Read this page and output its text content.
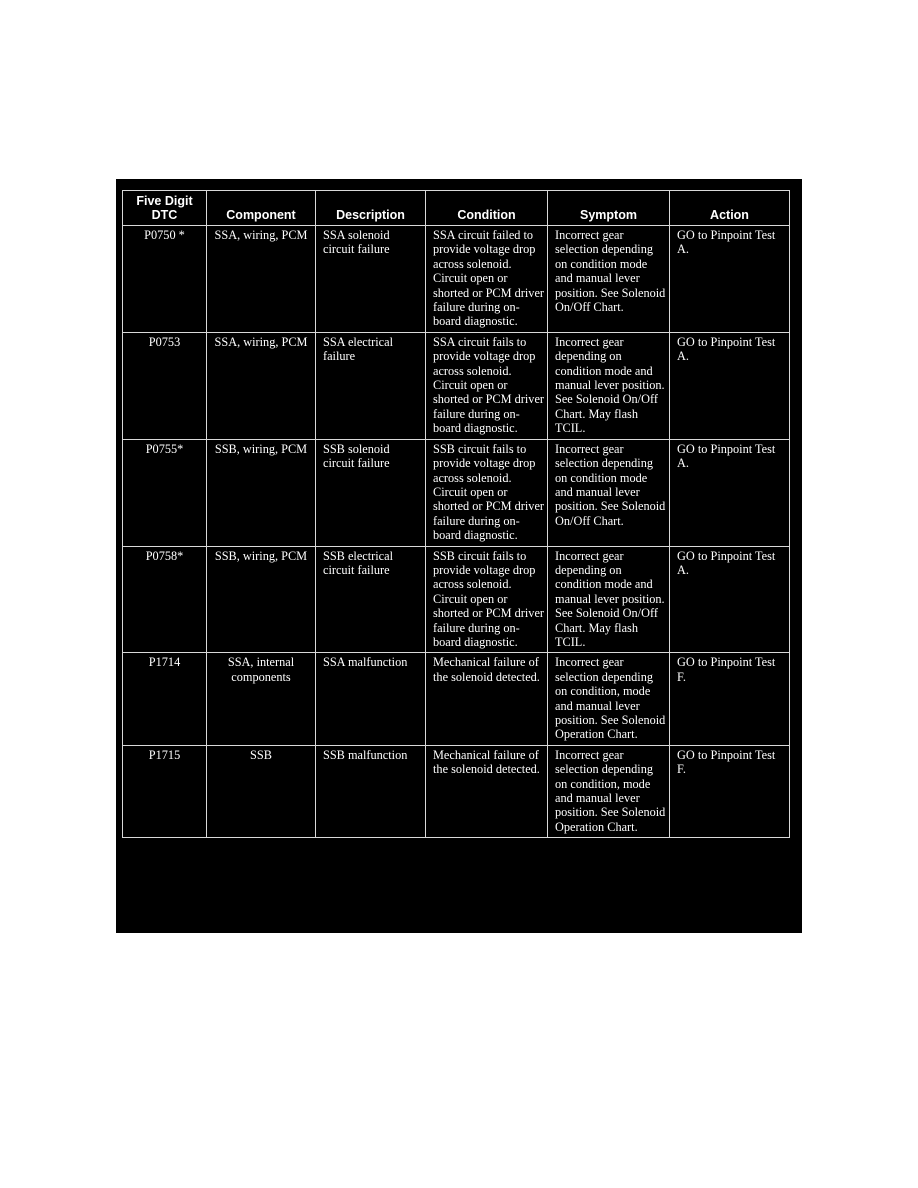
Five Digit DTC	Component	Description	Condition	Symptom	Action
P0750 *	SSA, wiring, PCM	SSA solenoid circuit failure	SSA circuit failed to provide voltage drop across solenoid. Circuit open or shorted or PCM driver failure during on-board diagnostic.	Incorrect gear selection depending on condition mode and manual lever position. See Solenoid On/Off Chart.	GO to Pinpoint Test A.
P0753	SSA, wiring, PCM	SSA electrical failure	SSA circuit fails to provide voltage drop across solenoid. Circuit open or shorted or PCM driver failure during on-board diagnostic.	Incorrect gear depending on condition mode and manual lever position. See Solenoid On/Off Chart. May flash TCIL.	GO to Pinpoint Test A.
P0755*	SSB, wiring, PCM	SSB solenoid circuit failure	SSB circuit fails to provide voltage drop across solenoid. Circuit open or shorted or PCM driver failure during on-board diagnostic.	Incorrect gear selection depending on condition mode and manual lever position. See Solenoid On/Off Chart.	GO to Pinpoint Test A.
P0758*	SSB, wiring, PCM	SSB electrical circuit failure	SSB circuit fails to provide voltage drop across solenoid. Circuit open or shorted or PCM driver failure during on-board diagnostic.	Incorrect gear depending on condition mode and manual lever position. See Solenoid On/Off Chart. May flash TCIL.	GO to Pinpoint Test A.
P1714	SSA, internal components	SSA malfunction	Mechanical failure of the solenoid detected.	Incorrect gear selection depending on condition, mode and manual lever position. See Solenoid Operation Chart.	GO to Pinpoint Test F.
P1715	SSB	SSB malfunction	Mechanical failure of the solenoid detected.	Incorrect gear selection depending on condition, mode and manual lever position. See Solenoid Operation Chart.	GO to Pinpoint Test F.
